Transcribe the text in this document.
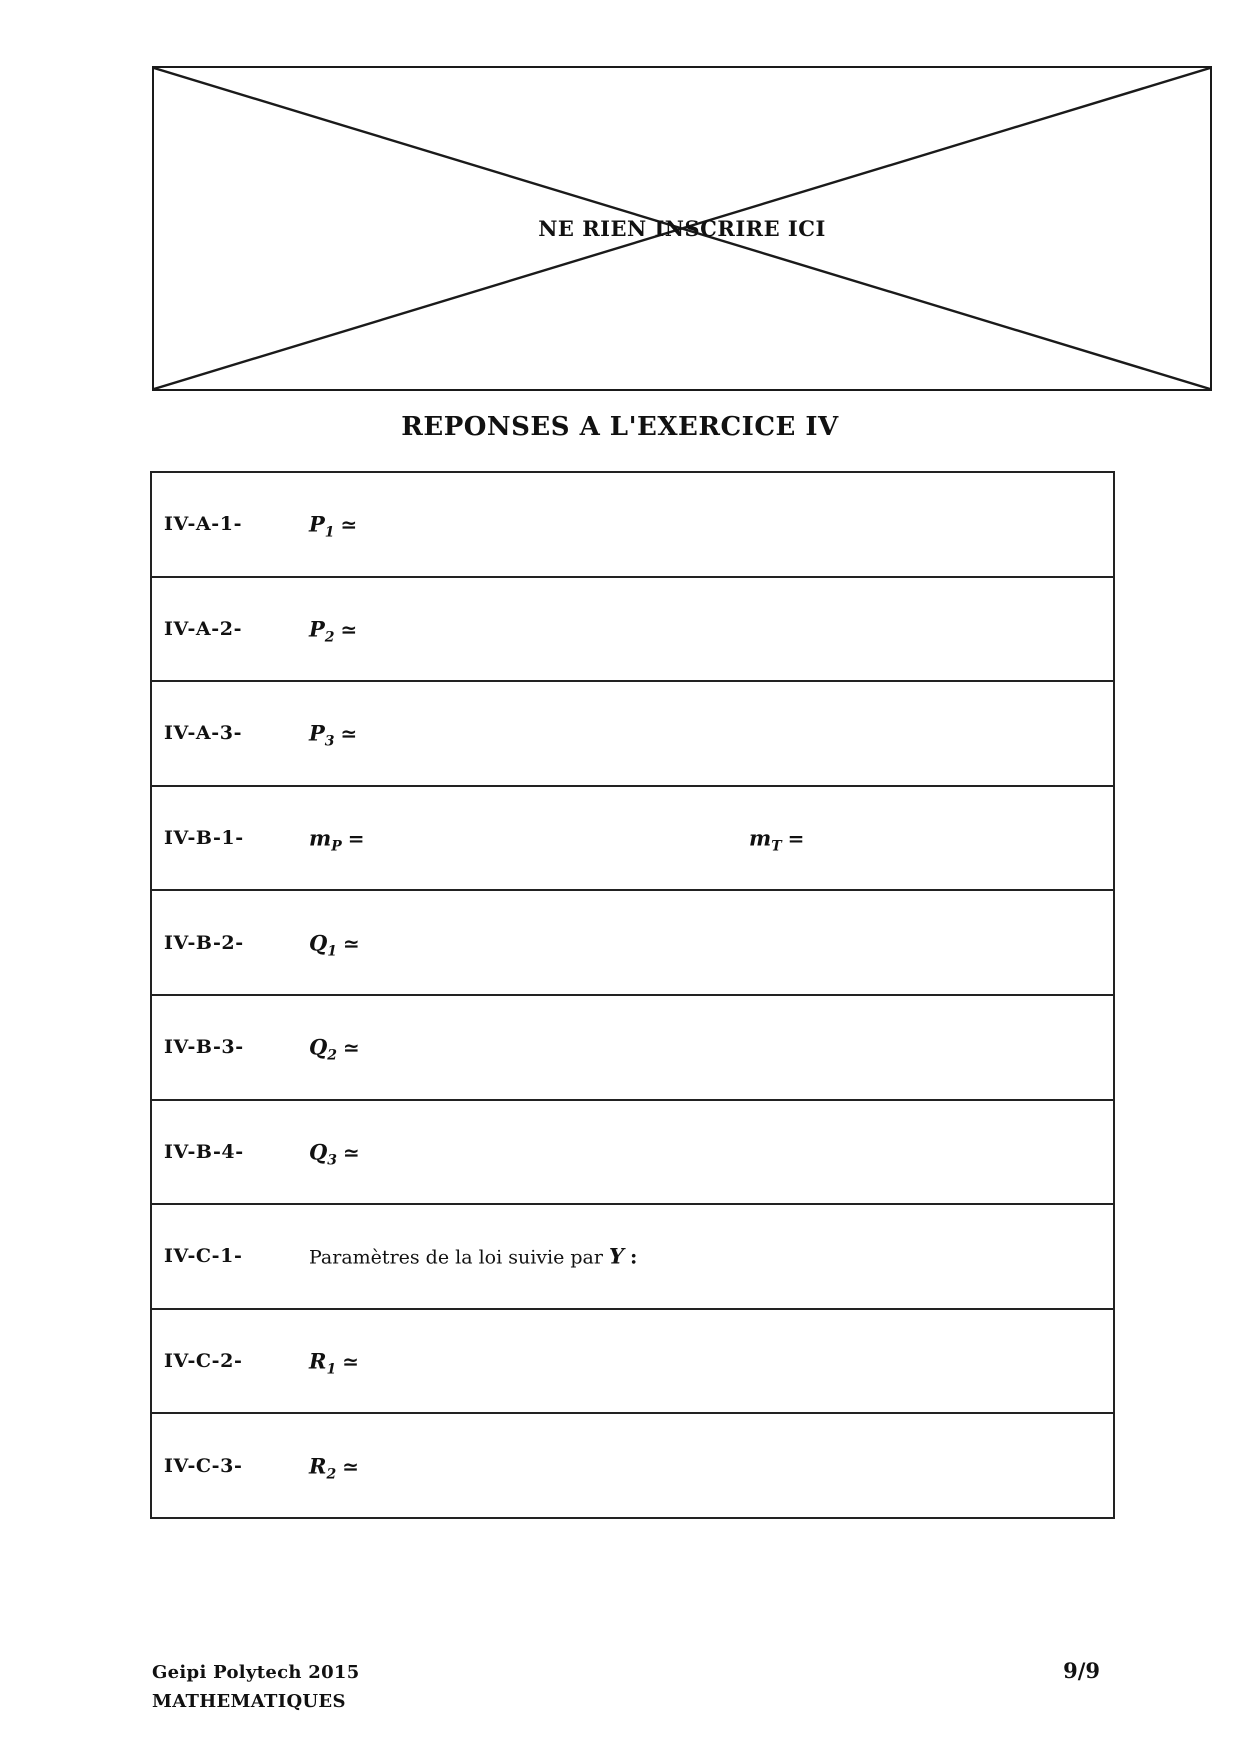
NE RIEN INSCRIRE ICI
REPONSES A L'EXERCICE IV
IV-A-1-	$P_1$ ≃
IV-A-2-	$P_2$ ≃
IV-A-3-	$P_3$ ≃
IV-B-1-	$m_P$ =	$m_T$ =
IV-B-2-	$Q_1$ ≃
IV-B-3-	$Q_2$ ≃
IV-B-4-	$Q_3$ ≃
IV-C-1-	Paramètres de la loi suivie par Y :
IV-C-2-	$R_1$ ≃
IV-C-3-	$R_2$ ≃
Geipi Polytech 2015
MATHEMATIQUES
9/9
